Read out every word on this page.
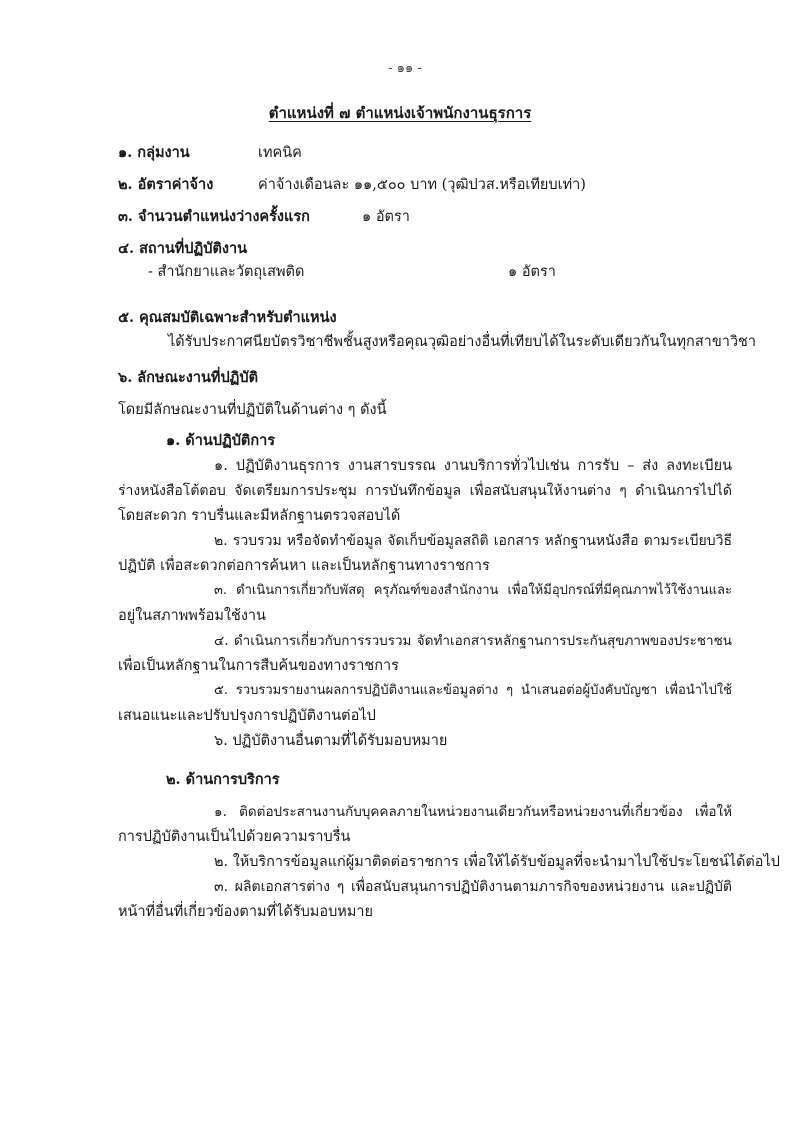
- ๑๑ -
ตำแหน่งที่ ๗ ตำแหน่งเจ้าพนักงานธุรการ
๑. กลุ่มงาน	เทคนิค
๒. อัตราค่าจ้าง	ค่าจ้างเดือนละ ๑๑,๕๐๐ บาท (วุฒิปวส.หรือเทียบเท่า)
๓. จำนวนตำแหน่งว่างครั้งแรก	๑ อัตรา
๔. สถานที่ปฏิบัติงาน
- สำนักยาและวัตถุเสพติด	๑ อัตรา
๕. คุณสมบัติเฉพาะสำหรับตำแหน่ง
ได้รับประกาศนียบัตรวิชาชีพชั้นสูงหรือคุณวุฒิอย่างอื่นที่เทียบได้ในระดับเดียวกันในทุกสาขาวิชา
๖. ลักษณะงานที่ปฏิบัติ
โดยมีลักษณะงานที่ปฏิบัติในด้านต่าง ๆ ดังนี้
๑. ด้านปฏิบัติการ
๑. ปฏิบัติงานธุรการ งานสารบรรณ งานบริการทั่วไปเช่น การรับ – ส่ง ลงทะเบียน
ร่างหนังสือโต้ตอบ จัดเตรียมการประชุม การบันทึกข้อมูล เพื่อสนับสนุนให้งานต่าง ๆ ดำเนินการไปได้
โดยสะดวก ราบรื่นและมีหลักฐานตรวจสอบได้
๒. รวบรวม หรือจัดทำข้อมูล จัดเก็บข้อมูลสถิติ เอกสาร หลักฐานหนังสือ ตามระเบียบวิธี
ปฏิบัติ เพื่อสะดวกต่อการค้นหา และเป็นหลักฐานทางราชการ
๓. ดำเนินการเกี่ยวกับพัสดุ ครุภัณฑ์ของสำนักงาน เพื่อให้มีอุปกรณ์ที่มีคุณภาพไว้ใช้งานและ
อยู่ในสภาพพร้อมใช้งาน
๔. ดำเนินการเกี่ยวกับการรวบรวม จัดทำเอกสารหลักฐานการประกันสุขภาพของประชาชน
เพื่อเป็นหลักฐานในการสืบค้นของทางราชการ
๕. รวบรวมรายงานผลการปฏิบัติงานและข้อมูลต่าง ๆ นำเสนอต่อผู้บังคับบัญชา เพื่อนำไปใช้
เสนอแนะและปรับปรุงการปฏิบัติงานต่อไป
๖. ปฏิบัติงานอื่นตามที่ได้รับมอบหมาย
๒. ด้านการบริการ
๑. ติดต่อประสานงานกับบุคคลภายในหน่วยงานเดียวกันหรือหน่วยงานที่เกี่ยวข้อง เพื่อให้
การปฏิบัติงานเป็นไปด้วยความราบรื่น
๒. ให้บริการข้อมูลแก่ผู้มาติดต่อราชการ เพื่อให้ได้รับข้อมูลที่จะนำมาไปใช้ประโยชน์ได้ต่อไป
๓. ผลิตเอกสารต่าง ๆ เพื่อสนับสนุนการปฏิบัติงานตามภารกิจของหน่วยงาน และปฏิบัติ
หน้าที่อื่นที่เกี่ยวข้องตามที่ได้รับมอบหมาย
